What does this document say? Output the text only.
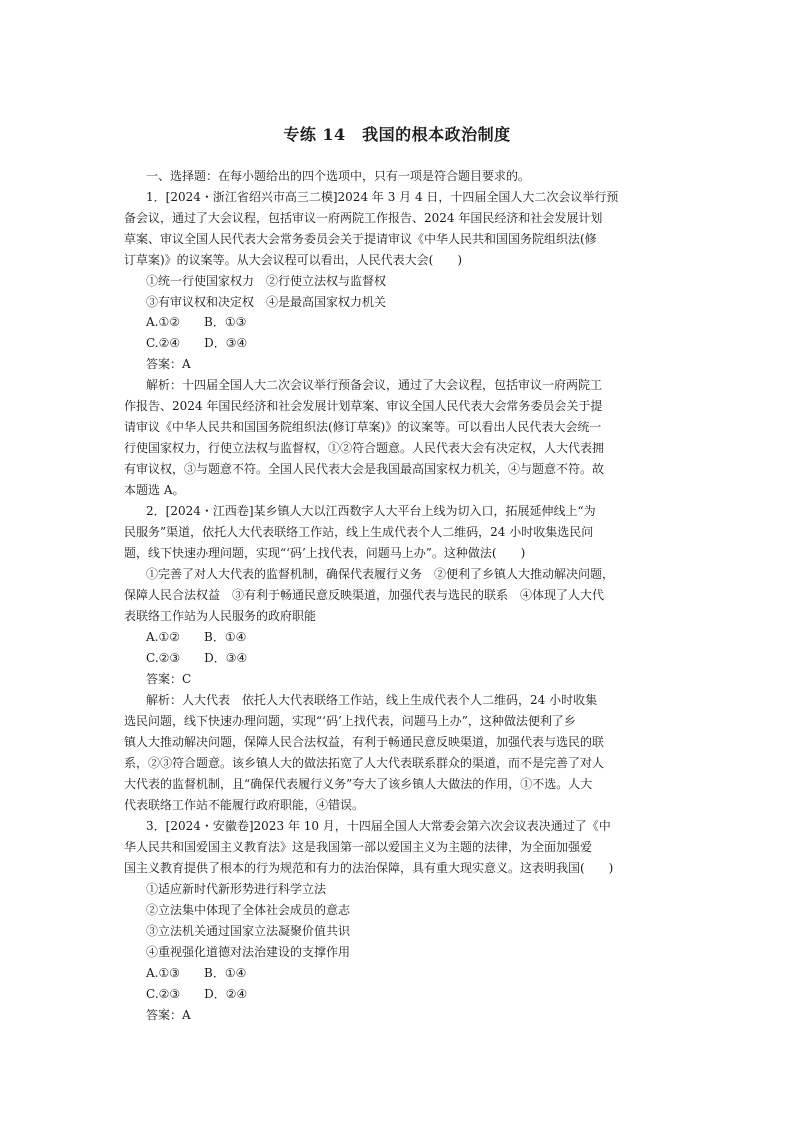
专练 14　我国的根本政治制度
一、选择题：在每小题给出的四个选项中，只有一项是符合题目要求的。
1．[2024・浙江省绍兴市高三二模]2024 年 3 月 4 日，十四届全国人大二次会议举行预
备会议，通过了大会议程，包括审议一府两院工作报告、2024 年国民经济和社会发展计划
草案、审议全国人民代表大会常务委员会关于提请审议《中华人民共和国国务院组织法(修
订草案)》的议案等。从大会议程可以看出，人民代表大会(　　)
①统一行使国家权力　②行使立法权与监督权
③有审议权和决定权　④是最高国家权力机关
A.①②　　B．①③
C.②④　　D．③④
答案：A
解析：十四届全国人大二次会议举行预备会议，通过了大会议程，包括审议一府两院工
作报告、2024 年国民经济和社会发展计划草案、审议全国人民代表大会常务委员会关于提
请审议《中华人民共和国国务院组织法(修订草案)》的议案等。可以看出人民代表大会统一
行使国家权力，行使立法权与监督权，①②符合题意。人民代表大会有决定权，人大代表拥
有审议权，③与题意不符。全国人民代表大会是我国最高国家权力机关，④与题意不符。故
本题选 A。
2．[2024・江西卷]某乡镇人大以江西数字人大平台上线为切入口，拓展延伸线上“为
民服务”渠道，依托人大代表联络工作站，线上生成代表个人二维码，24 小时收集选民问
题，线下快速办理问题，实现“‘码’上找代表，问题马上办”。这种做法(　　)
①完善了对人大代表的监督机制，确保代表履行义务　②便利了乡镇人大推动解决问题，
保障人民合法权益　③有利于畅通民意反映渠道，加强代表与选民的联系　④体现了人大代
表联络工作站为人民服务的政府职能
A.①②　　B．①④
C.②③　　D．③④
答案：C
解析：人大代表　依托人大代表联络工作站，线上生成代表个人二维码，24 小时收集
选民问题，线下快速办理问题，实现“‘码’上找代表，问题马上办”，这种做法便利了乡
镇人大推动解决问题，保障人民合法权益，有利于畅通民意反映渠道，加强代表与选民的联
系，②③符合题意。该乡镇人大的做法拓宽了人大代表联系群众的渠道，而不是完善了对人
大代表的监督机制，且“确保代表履行义务”夸大了该乡镇人大做法的作用，①不选。人大
代表联络工作站不能履行政府职能，④错误。
3．[2024・安徽卷]2023 年 10 月，十四届全国人大常委会第六次会议表决通过了《中
华人民共和国爱国主义教育法》这是我国第一部以爱国主义为主题的法律，为全面加强爱
国主义教育提供了根本的行为规范和有力的法治保障，具有重大现实意义。这表明我国(　　)
①适应新时代新形势进行科学立法
②立法集中体现了全体社会成员的意志
③立法机关通过国家立法凝聚价值共识
④重视强化道德对法治建设的支撑作用
A.①③　　B．①④
C.②③　　D．②④
答案：A
